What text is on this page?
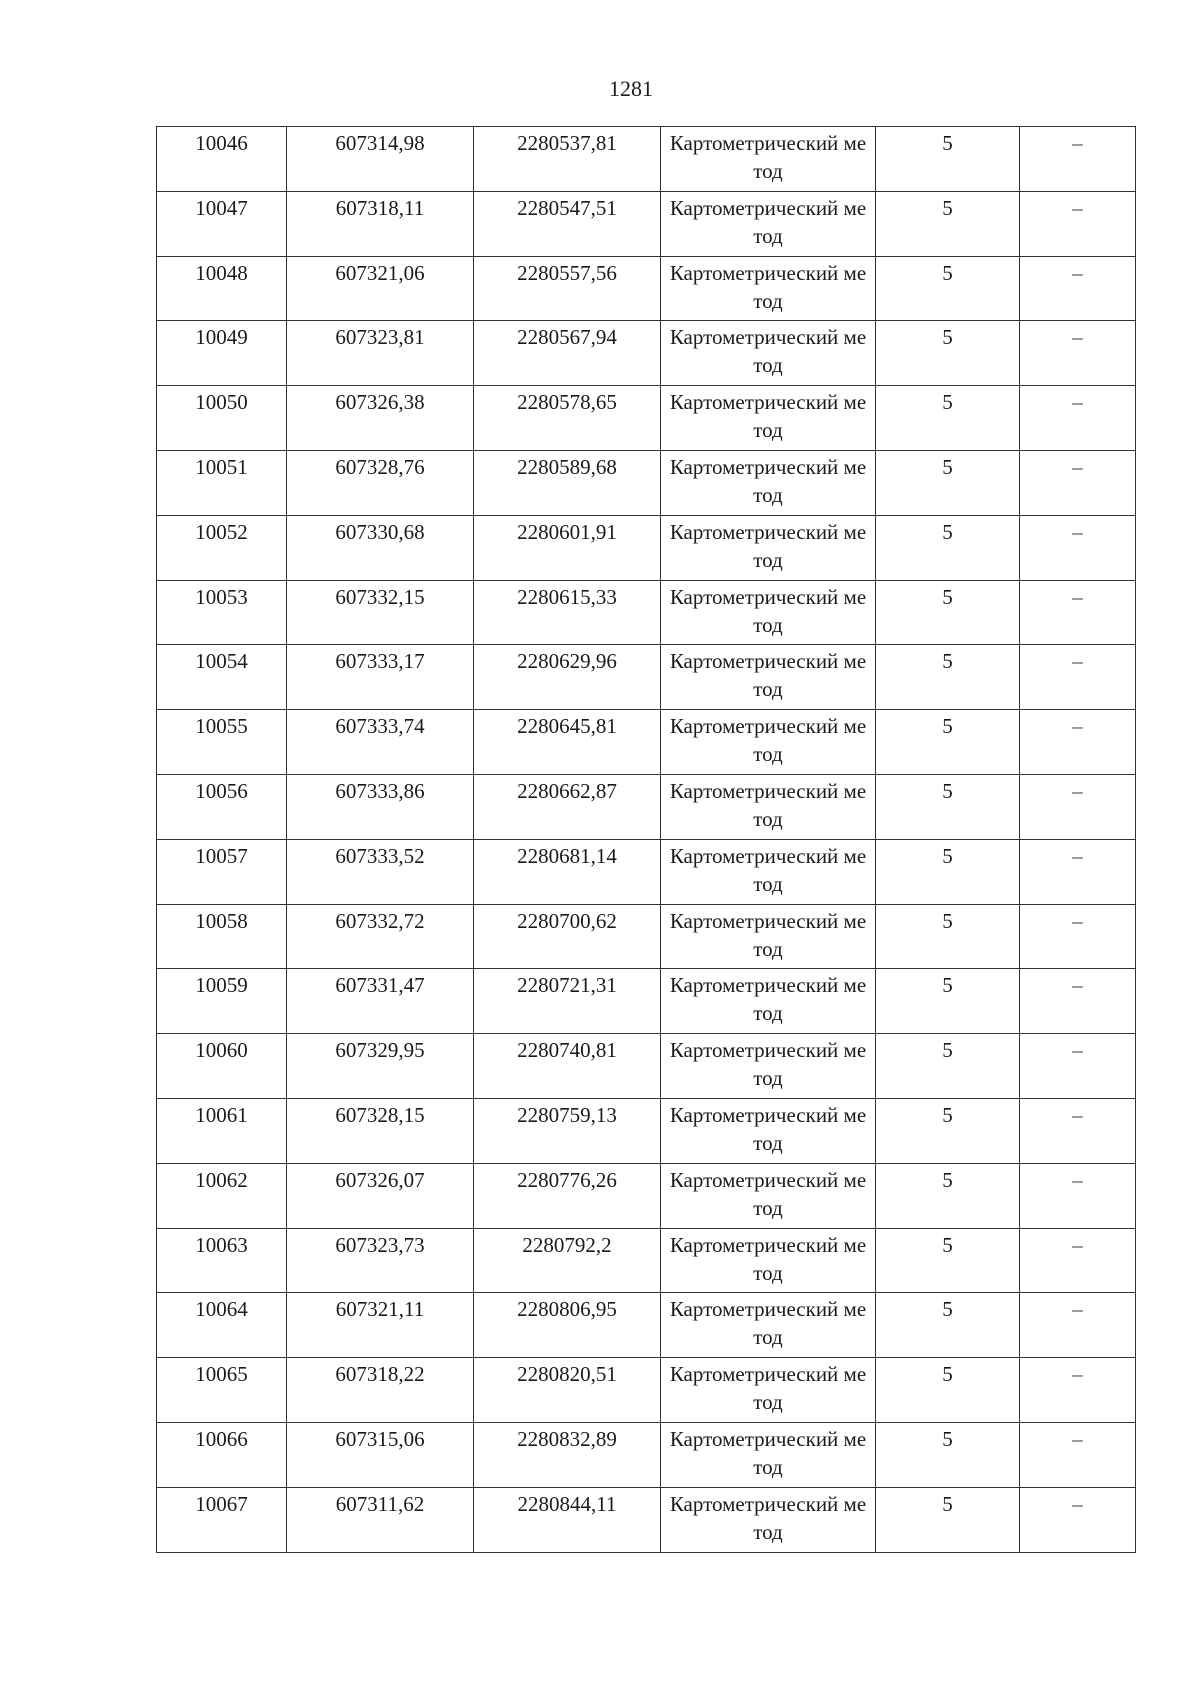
1281
10046	607314,98	2280537,81	Картометрический метод	5	–

10047	607318,11	2280547,51	Картометрический метод	5	–

10048	607321,06	2280557,56	Картометрический метод	5	–

10049	607323,81	2280567,94	Картометрический метод	5	–

10050	607326,38	2280578,65	Картометрический метод	5	–

10051	607328,76	2280589,68	Картометрический метод	5	–

10052	607330,68	2280601,91	Картометрический метод	5	–

10053	607332,15	2280615,33	Картометрический метод	5	–

10054	607333,17	2280629,96	Картометрический метод	5	–

10055	607333,74	2280645,81	Картометрический метод	5	–

10056	607333,86	2280662,87	Картометрический метод	5	–

10057	607333,52	2280681,14	Картометрический метод	5	–

10058	607332,72	2280700,62	Картометрический метод	5	–

10059	607331,47	2280721,31	Картометрический метод	5	–

10060	607329,95	2280740,81	Картометрический метод	5	–

10061	607328,15	2280759,13	Картометрический метод	5	–

10062	607326,07	2280776,26	Картометрический метод	5	–

10063	607323,73	2280792,2	Картометрический метод	5	–

10064	607321,11	2280806,95	Картометрический метод	5	–

10065	607318,22	2280820,51	Картометрический метод	5	–

10066	607315,06	2280832,89	Картометрический метод	5	–

10067	607311,62	2280844,11	Картометрический метод	5	–
